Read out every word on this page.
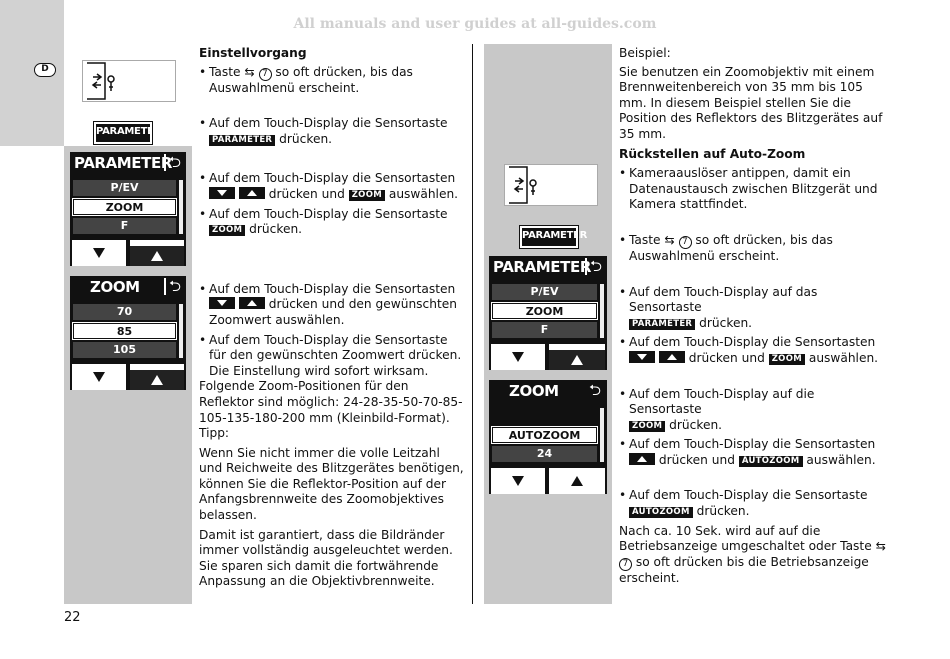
All manuals and user guides at all-guides.com
D
PARAMETER
PARAMETER
⮌
P/EV
ZOOM
F
ZOOM	⮌
70
85
105

Einstellvorgang

• Taste ⇆ 7 so oft drücken, bis das Auswahlmenü erscheint.
• Auf dem Touch-Display die Sensortaste
PARAMETER drücken.
• Auf dem Touch-Display die Sensortasten
drücken und ZOOM auswählen.
• Auf dem Touch-Display die Sensortaste
ZOOM drücken.
• Auf dem Touch-Display die Sensortasten
drücken und den gewünschten Zoomwert auswählen.
• Auf dem Touch-Display die Sensortaste für den gewünschten Zoomwert drücken. Die Einstellung wird sofort wirksam.

Folgende Zoom-Positionen für den Reflektor sind möglich: 24-28-35-50-70-85-105-135-180-200 mm (Kleinbild-Format).

Tipp:

Wenn Sie nicht immer die volle Leitzahl und Reichweite des Blitzgerätes benötigen, können Sie die Reflektor-Position auf der Anfangsbrennweite des Zoomobjektives belassen.

Damit ist garantiert, dass die Bildränder immer vollständig ausgeleuchtet werden. Sie sparen sich damit die fortwährende Anpassung an die Objektivbrennweite.

PARAMETER
PARAMETER
⮌
P/EV
ZOOM
F
ZOOM	⮌
AUTOZOOM
24

Beispiel:

Sie benutzen ein Zoomobjektiv mit einem Brennweitenbereich von 35 mm bis 105 mm. In diesem Beispiel stellen Sie die Position des Reflektors des Blitzgerätes auf 35 mm.

Rückstellen auf Auto-Zoom

• Kameraauslöser antippen, damit ein Datenaustausch zwischen Blitzgerät und Kamera stattfindet.
• Taste ⇆ 7 so oft drücken, bis das Auswahlmenü erscheint.
• Auf dem Touch-Display auf das Sensortaste
PARAMETER drücken.
• Auf dem Touch-Display die Sensortasten
drücken und ZOOM auswählen.
• Auf dem Touch-Display auf die Sensortaste
ZOOM drücken.
• Auf dem Touch-Display die Sensortasten
drücken und AUTOZOOM auswählen.
• Auf dem Touch-Display die Sensortaste
AUTOZOOM drücken.

Nach ca. 10 Sek. wird auf auf die Betriebsanzeige umgeschaltet oder Taste ⇆
7 so oft drücken bis die Betriebsanzeige erscheint.

22
